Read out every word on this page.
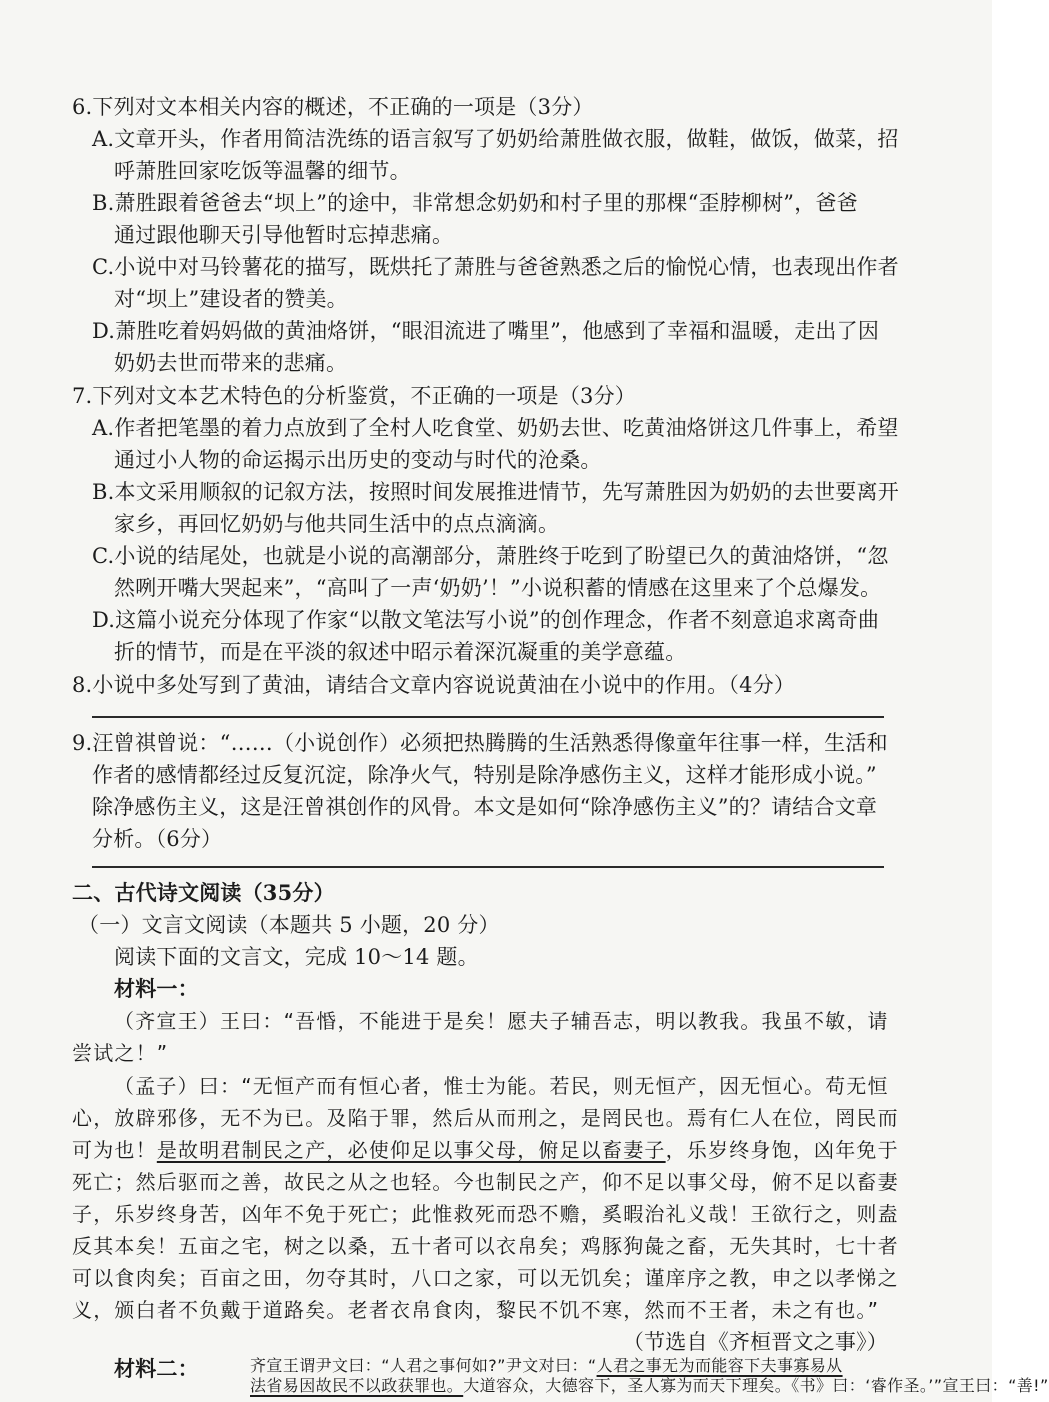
6.下列对文本相关内容的概述，不正确的一项是（3分）
A.文章开头，作者用简洁洗练的语言叙写了奶奶给萧胜做衣服，做鞋，做饭，做菜，招
呼萧胜回家吃饭等温馨的细节。
B.萧胜跟着爸爸去“坝上”的途中，非常想念奶奶和村子里的那棵“歪脖柳树”，爸爸
通过跟他聊天引导他暂时忘掉悲痛。
C.小说中对马铃薯花的描写，既烘托了萧胜与爸爸熟悉之后的愉悦心情，也表现出作者
对“坝上”建设者的赞美。
D.萧胜吃着妈妈做的黄油烙饼，“眼泪流进了嘴里”，他感到了幸福和温暖，走出了因
奶奶去世而带来的悲痛。
7.下列对文本艺术特色的分析鉴赏，不正确的一项是（3分）
A.作者把笔墨的着力点放到了全村人吃食堂、奶奶去世、吃黄油烙饼这几件事上，希望
通过小人物的命运揭示出历史的变动与时代的沧桑。
B.本文采用顺叙的记叙方法，按照时间发展推进情节，先写萧胜因为奶奶的去世要离开
家乡，再回忆奶奶与他共同生活中的点点滴滴。
C.小说的结尾处，也就是小说的高潮部分，萧胜终于吃到了盼望已久的黄油烙饼，“忽
然咧开嘴大哭起来”，“高叫了一声‘奶奶’！”小说积蓄的情感在这里来了个总爆发。
D.这篇小说充分体现了作家“以散文笔法写小说”的创作理念，作者不刻意追求离奇曲
折的情节，而是在平淡的叙述中昭示着深沉凝重的美学意蕴。
8.小说中多处写到了黄油，请结合文章内容说说黄油在小说中的作用。（4分）
9.汪曾祺曾说：“……（小说创作）必须把热腾腾的生活熟悉得像童年往事一样，生活和
作者的感情都经过反复沉淀，除净火气，特别是除净感伤主义，这样才能形成小说。”
除净感伤主义，这是汪曾祺创作的风骨。本文是如何“除净感伤主义”的？请结合文章
分析。（6分）
二、古代诗文阅读（35分）
（一）文言文阅读（本题共 5 小题，20 分）
阅读下面的文言文，完成 10～14 题。
材料一：
（齐宣王）王曰：“吾惛，不能进于是矣！愿夫子辅吾志，明以教我。我虽不敏，请
尝试之！”
（孟子）曰：“无恒产而有恒心者，惟士为能。若民，则无恒产，因无恒心。苟无恒
心，放辟邪侈，无不为已。及陷于罪，然后从而刑之，是罔民也。焉有仁人在位，罔民而
可为也！是故明君制民之产，必使仰足以事父母，俯足以畜妻子，乐岁终身饱，凶年免于
死亡；然后驱而之善，故民之从之也轻。今也制民之产，仰不足以事父母，俯不足以畜妻
子，乐岁终身苦，凶年不免于死亡；此惟救死而恐不赡，奚暇治礼义哉！王欲行之，则盍
反其本矣！五亩之宅，树之以桑，五十者可以衣帛矣；鸡豚狗彘之畜，无失其时，七十者
可以食肉矣；百亩之田，勿夺其时，八口之家，可以无饥矣；谨庠序之教，申之以孝悌之
义，颁白者不负戴于道路矣。老者衣帛食肉，黎民不饥不寒，然而不王者，未之有也。”
（节选自《齐桓晋文之事》）
材料二：	齐宣王谓尹文曰：“人君之事何如?”尹文对曰：“人君之事无为而能容下夫事寡易从
法省易因故民不以政获罪也。大道容众，大德容下，圣人寡为而天下理矣。《书》曰：‘睿作圣。’”宣王曰：“善!”
